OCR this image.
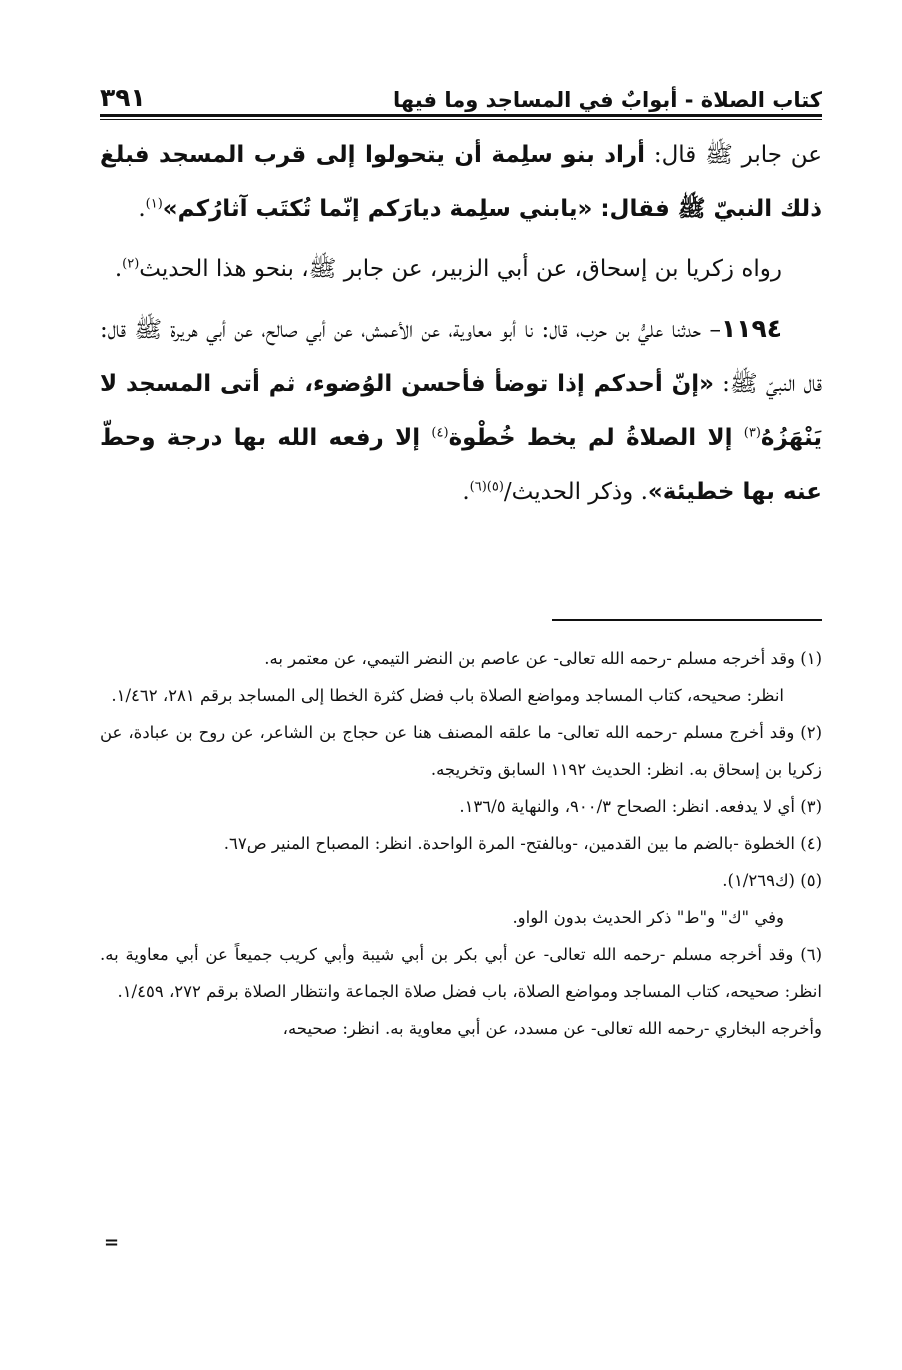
كتاب الصلاة - أبوابٌ في المساجد وما فيها
٣٩١

عن جابر ﷺ قال: أراد بنو سلِمة أن يتحولوا إلى قرب المسجد فبلغ ذلك النبيّ ﷺ فقال: «يابني سلِمة ديارَكم إنّما تُكتَب آثارُكم»$^{(١)}$.

رواه زكريا بن إسحاق، عن أبي الزبير، عن جابر ﷺ، بنحو هذا الحديث$^{(٢)}$.

١١٩٤– حدثنا عليُّ بن حرب، قال: نا أبو معاوية، عن الأعمش، عن أبي صالح، عن أبي هريرة ﷺ قال: قال النبيّ ﷺ: «إنّ أحدكم إذا توضأ فأحسن الوُضوء، ثم أتى المسجد لا يَنْهَزُهُ$^{(٣)}$ إلا الصلاةُ لم يخط خُطْوة$^{(٤)}$ إلا رفعه الله بها درجة وحطّ عنه بها خطيئة». وذكر الحديث/$^{(٥)(٦)}$.

(١) وقد أخرجه مسلم -رحمه الله تعالى- عن عاصم بن النضر التيمي، عن معتمر به.

انظر: صحيحه، كتاب المساجد ومواضع الصلاة باب فضل كثرة الخطا إلى المساجد برقم ٢٨١، ١/٤٦٢.

(٢) وقد أخرج مسلم -رحمه الله تعالى- ما علقه المصنف هنا عن حجاج بن الشاعر، عن روح بن عبادة، عن زكريا بن إسحاق به. انظر: الحديث ١١٩٢ السابق وتخريجه.

(٣) أي لا يدفعه. انظر: الصحاح ٩٠٠/٣، والنهاية ١٣٦/٥.

(٤) الخطوة -بالضم ما بين القدمين، -وبالفتح- المرة الواحدة. انظر: المصباح المنير ص٦٧.

(٥) (ك١/٢٦٩).

وفي "ك" و"ط" ذكر الحديث بدون الواو.

(٦) وقد أخرجه مسلم -رحمه الله تعالى- عن أبي بكر بن أبي شيبة وأبي كريب جميعاً عن أبي معاوية به. انظر: صحيحه، كتاب المساجد ومواضع الصلاة، باب فضل صلاة الجماعة وانتظار الصلاة برقم ٢٧٢، ١/٤٥٩.

وأخرجه البخاري -رحمه الله تعالى- عن مسدد، عن أبي معاوية به. انظر: صحيحه،

=
